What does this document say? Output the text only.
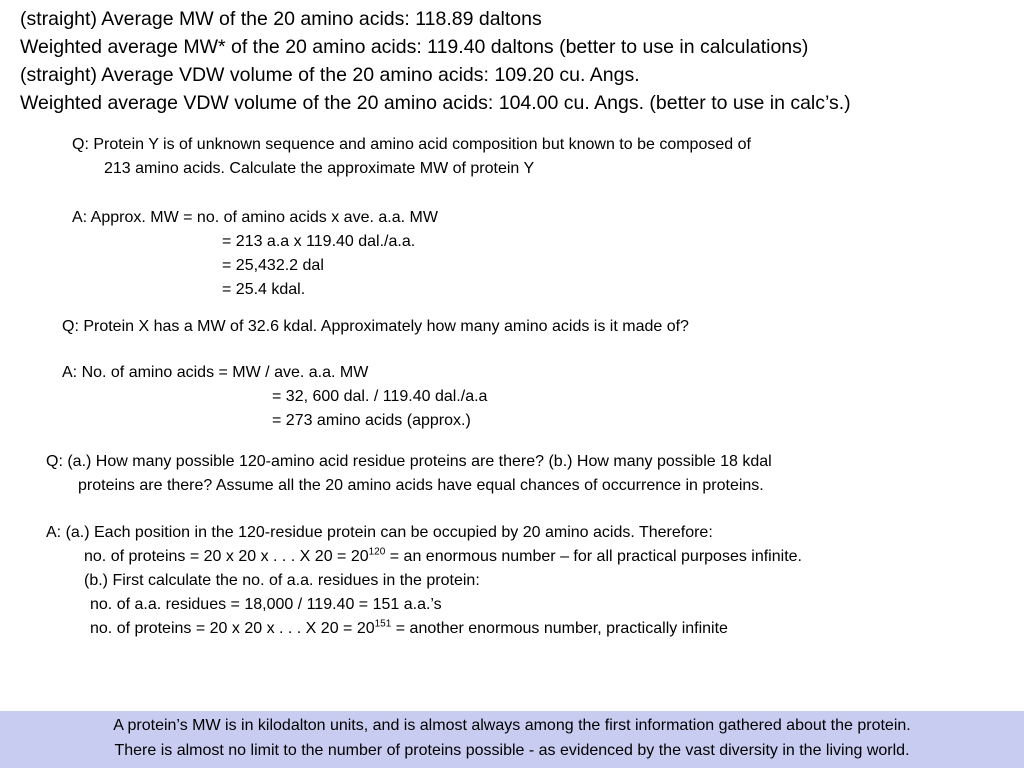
(straight) Average MW of the 20 amino acids: 118.89 daltons
Weighted average MW* of the 20 amino acids: 119.40 daltons (better to use in calculations)
(straight) Average VDW volume of the 20 amino acids: 109.20 cu. Angs.
Weighted average VDW volume of the 20 amino acids: 104.00 cu. Angs. (better to use in calc’s.)
Q: Protein Y is of unknown sequence and amino acid composition but known to be composed of
213 amino acids. Calculate the approximate MW of protein Y
A: Approx. MW = no. of amino acids x ave. a.a. MW
= 213 a.a x 119.40 dal./a.a.
= 25,432.2 dal
= 25.4 kdal.
Q: Protein X has a MW of 32.6 kdal. Approximately how many amino acids is it made of?
A: No. of amino acids = MW / ave. a.a. MW
= 32, 600 dal. / 119.40 dal./a.a
= 273 amino acids (approx.)
Q: (a.) How many possible 120-amino acid residue proteins are there? (b.) How many possible 18 kdal
proteins are there? Assume all the 20 amino acids have equal chances of occurrence in proteins.
A: (a.) Each position in the 120-residue protein can be occupied by 20 amino acids. Therefore:
no. of proteins = 20 x 20 x . . . X $20 = 20^{120}$ = an enormous number – for all practical purposes infinite.
(b.) First calculate the no. of a.a. residues in the protein:
no. of a.a. residues = 18,000 / 119.40 = 151 a.a.’s
no. of proteins = 20 x 20 x . . . X $20 = 20^{151}$ = another enormous number, practically infinite
A protein’s MW is in kilodalton units, and is almost always among the first information gathered about the protein.
There is almost no limit to the number of proteins possible - as evidenced by the vast diversity in the living world.
